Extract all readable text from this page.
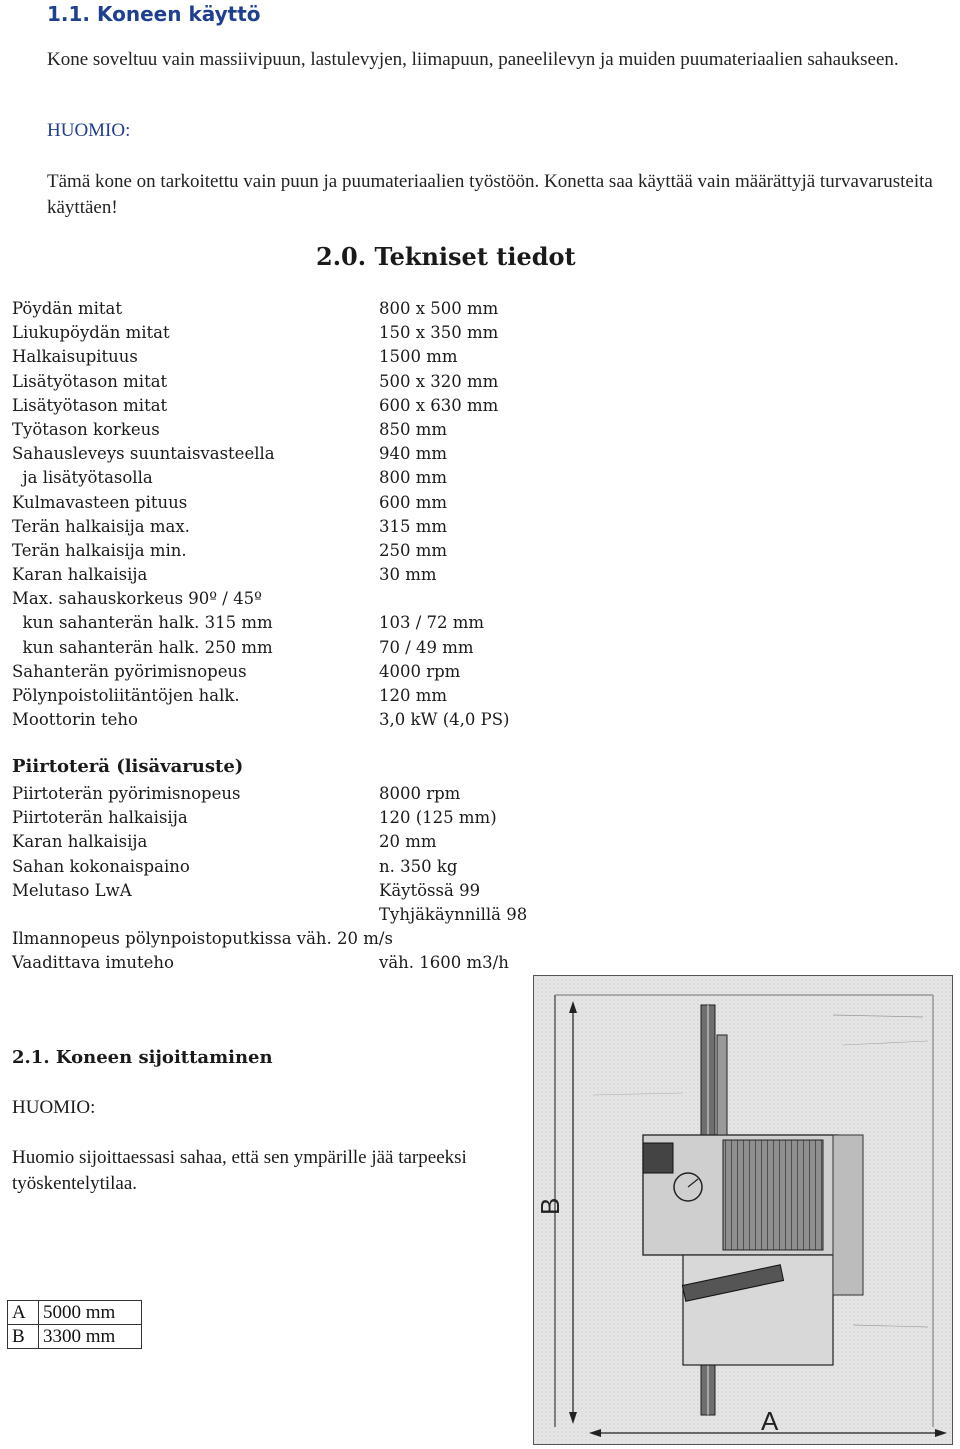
1.1. Koneen käyttö
Kone soveltuu vain massiivipuun, lastulevyjen, liimapuun, paneelilevyn ja muiden puumateriaalien sahaukseen.
HUOMIO:
Tämä kone on tarkoitettu vain puun ja puumateriaalien työstöön. Konetta saa käyttää vain määrättyjä turvavarusteita käyttäen!
2.0. Tekniset tiedot
Pöydän mitat	800 x 500 mm
Liukupöydän mitat	150 x 350 mm
Halkaisupituus	1500 mm
Lisätyötason mitat	500 x 320 mm
Lisätyötason mitat	600 x 630 mm
Työtason korkeus	850 mm
Sahausleveys suuntaisvasteella	940 mm
ja lisätyötasolla	800 mm
Kulmavasteen pituus	600 mm
Terän halkaisija max.	315 mm
Terän halkaisija min.	250 mm
Karan halkaisija	30 mm
Max. sahauskorkeus 90º / 45º
kun sahanterän halk. 315 mm	103 / 72 mm
kun sahanterän halk. 250 mm	70 / 49 mm
Sahanterän pyörimisnopeus	4000 rpm
Pölynpoistoliitäntöjen halk.	120 mm
Moottorin teho	3,0 kW (4,0 PS)
Piirtoterä (lisävaruste)
Piirtoterän pyörimisnopeus	8000 rpm
Piirtoterän halkaisija	120 (125 mm)
Karan halkaisija	20 mm
Sahan kokonaispaino	n. 350 kg
Melutaso LwA	Käytössä 99
Tyhjäkäynnillä 98
Ilmannopeus pölynpoistoputkissa väh. 20 m/s
Vaadittava imuteho	väh. 1600 m3/h
2.1. Koneen sijoittaminen
HUOMIO:
Huomio sijoittaessasi sahaa, että sen ympärille jää tarpeeksi työskentelytilaa.
A	5000 mm
B	3300 mm
B
A
